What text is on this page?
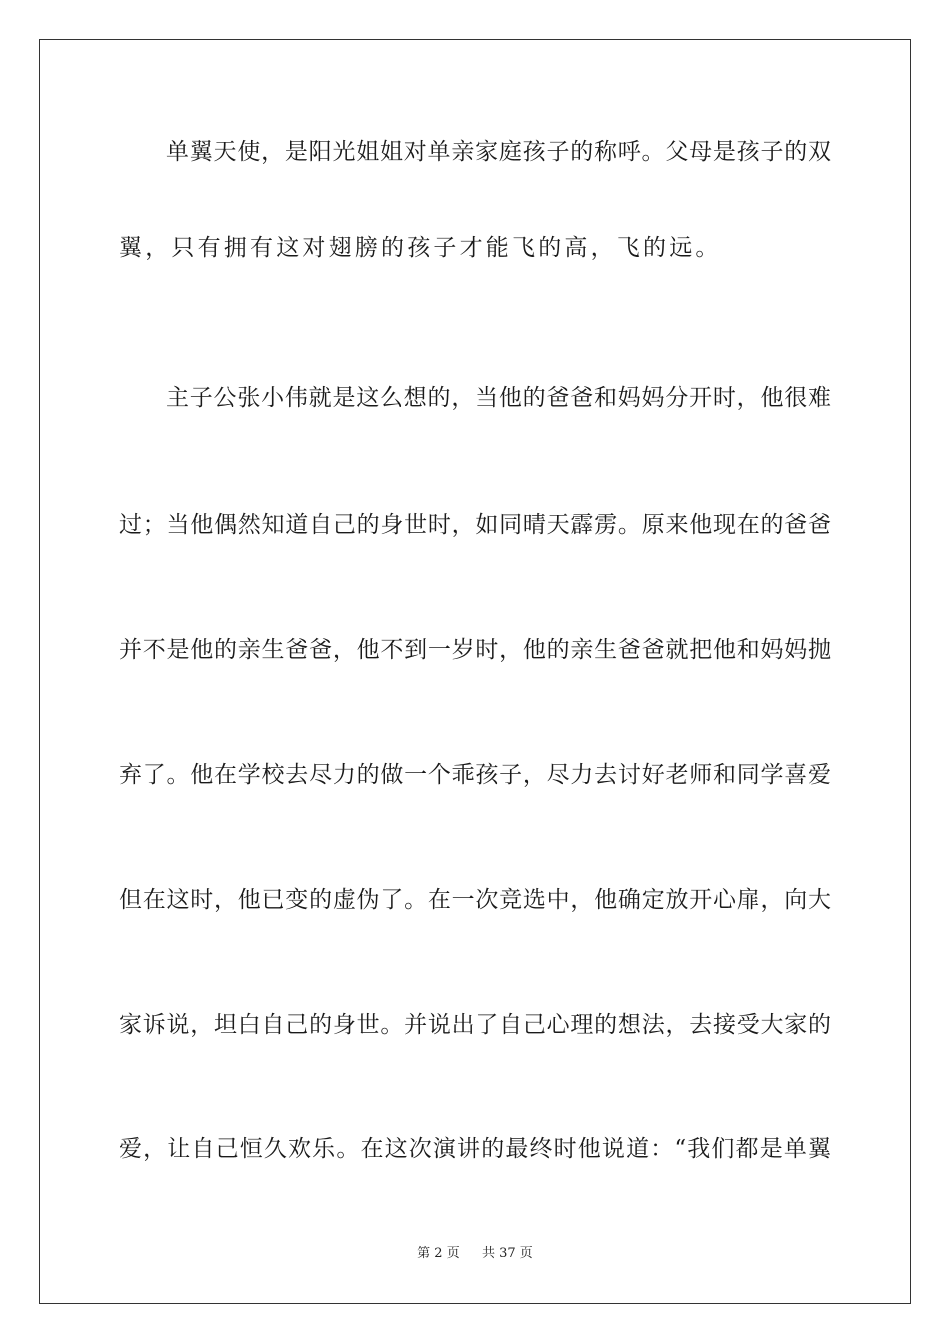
单翼天使，是阳光姐姐对单亲家庭孩子的称呼。父母是孩子的双
翼，只有拥有这对翅膀的孩子才能飞的高，飞的远。
主子公张小伟就是这么想的，当他的爸爸和妈妈分开时，他很难
过；当他偶然知道自己的身世时，如同晴天霹雳。原来他现在的爸爸
并不是他的亲生爸爸，他不到一岁时，他的亲生爸爸就把他和妈妈抛
弃了。他在学校去尽力的做一个乖孩子，尽力去讨好老师和同学喜爱
但在这时，他已变的虚伪了。在一次竞选中，他确定放开心扉，向大
家诉说，坦白自己的身世。并说出了自己心理的想法，去接受大家的
爱，让自己恒久欢乐。在这次演讲的最终时他说道：“我们都是单翼
第 2 页 共 37 页
